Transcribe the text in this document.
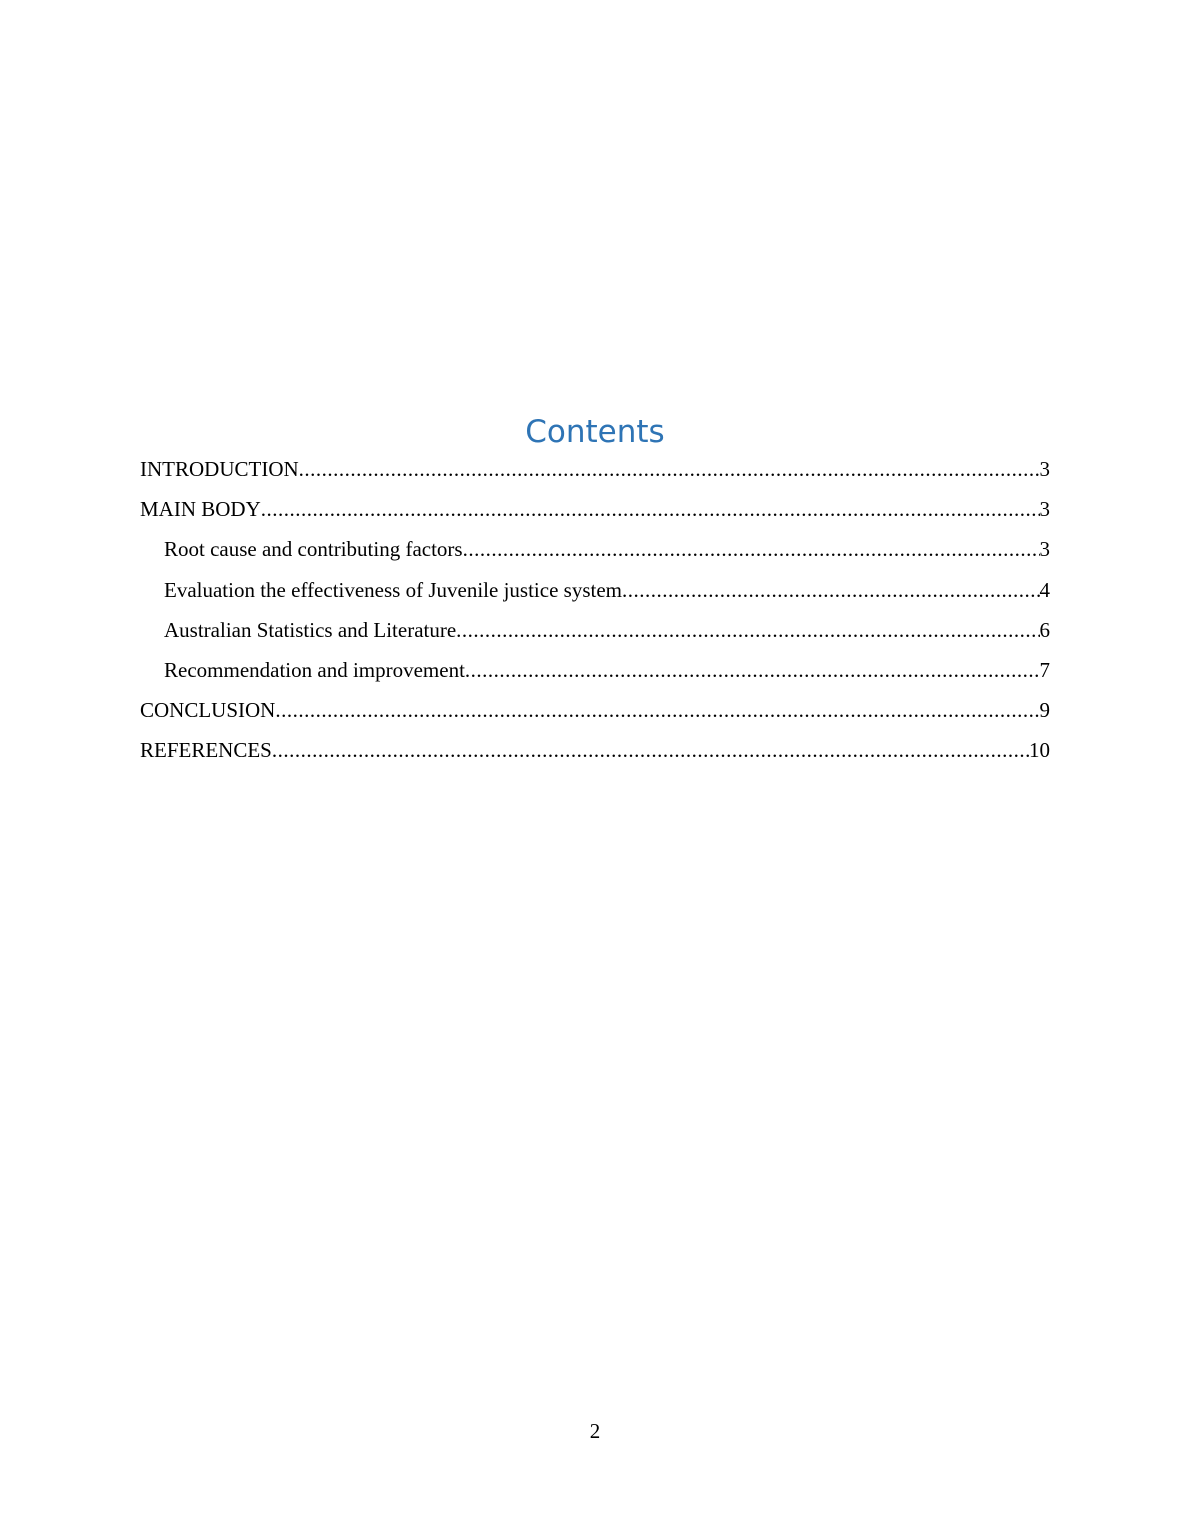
Contents
INTRODUCTION .....	3
MAIN BODY .....	3
Root cause and contributing factors .....	3
Evaluation the effectiveness of Juvenile justice system .....	4
Australian Statistics and Literature .....	6
Recommendation and improvement .....	7
CONCLUSION .....	9
REFERENCES .....	10
2
